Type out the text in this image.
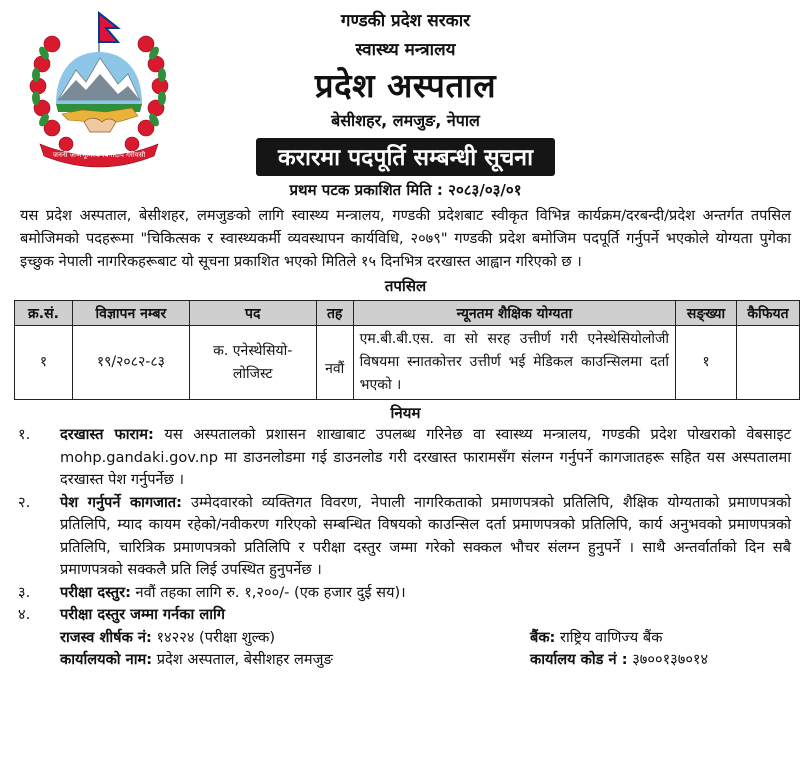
जननी जन्मभूमिश्च स्वर्गादपि गरीयसी
गण्डकी प्रदेश सरकार
स्वास्थ्य मन्त्रालय
प्रदेश अस्पताल
बेसीशहर, लमजुङ, नेपाल
करारमा पदपूर्ति सम्बन्धी सूचना
प्रथम पटक प्रकाशित मिति : २०८३/०३/०१
यस प्रदेश अस्पताल, बेसीशहर, लमजुङको लागि स्वास्थ्य मन्त्रालय, गण्डकी प्रदेशबाट स्वीकृत विभिन्न कार्यक्रम/दरबन्दी/प्रदेश अन्तर्गत तपसिल बमोजिमको पदहरूमा "चिकित्सक र स्वास्थ्यकर्मी व्यवस्थापन कार्यविधि, २०७९" गण्डकी प्रदेश बमोजिम पदपूर्ति गर्नुपर्ने भएकोले योग्यता पुगेका इच्छुक नेपाली नागरिकहरूबाट यो सूचना प्रकाशित भएको मितिले १५ दिनभित्र दरखास्त आह्वान गरिएको छ ।
तपसिल
क्र.सं.	विज्ञापन नम्बर	पद	तह	न्यूनतम शैक्षिक योग्यता	सङ्ख्या	कैफियत
१	१९/२०८२-८३	क. एनेस्थेसियो-लोजिस्ट	नवौं	एम.बी.बी.एस. वा सो सरह उत्तीर्ण गरी एनेस्थेसियोलोजी विषयमा स्नातकोत्तर उत्तीर्ण भई मेडिकल काउन्सिलमा दर्ता भएको ।	१	
नियम
१.	दरखास्त फाराम: यस अस्पतालको प्रशासन शाखाबाट उपलब्ध गरिनेछ वा स्वास्थ्य मन्त्रालय, गण्डकी प्रदेश पोखराको वेबसाइट mohp.gandaki.gov.np मा डाउनलोडमा गई डाउनलोड गरी दरखास्त फारामसँग संलग्न गर्नुपर्ने कागजातहरू सहित यस अस्पतालमा दरखास्त पेश गर्नुपर्नेछ ।
२.	पेश गर्नुपर्ने कागजात: उम्मेदवारको व्यक्तिगत विवरण, नेपाली नागरिकताको प्रमाणपत्रको प्रतिलिपि, शैक्षिक योग्यताको प्रमाणपत्रको प्रतिलिपि, म्याद कायम रहेको/नवीकरण गरिएको सम्बन्धित विषयको काउन्सिल दर्ता प्रमाणपत्रको प्रतिलिपि, कार्य अनुभवको प्रमाणपत्रको प्रतिलिपि, चारित्रिक प्रमाणपत्रको प्रतिलिपि र परीक्षा दस्तुर जम्मा गरेको सक्कल भौचर संलग्न हुनुपर्ने । साथै अन्तर्वार्ताको दिन सबै प्रमाणपत्रको सक्कलै प्रति लिई उपस्थित हुनुपर्नेछ ।
३.	परीक्षा दस्तुर: नवौं तहका लागि रु. १,२००/- (एक हजार दुई सय)।
४.	परीक्षा दस्तुर जम्मा गर्नका लागि
राजस्व शीर्षक नं: १४२२४ (परीक्षा शुल्क)
कार्यालयको नाम: प्रदेश अस्पताल, बेसीशहर लमजुङ
बैंक: राष्ट्रिय वाणिज्य बैंक
कार्यालय कोड नं : ३७००१३७०१४
